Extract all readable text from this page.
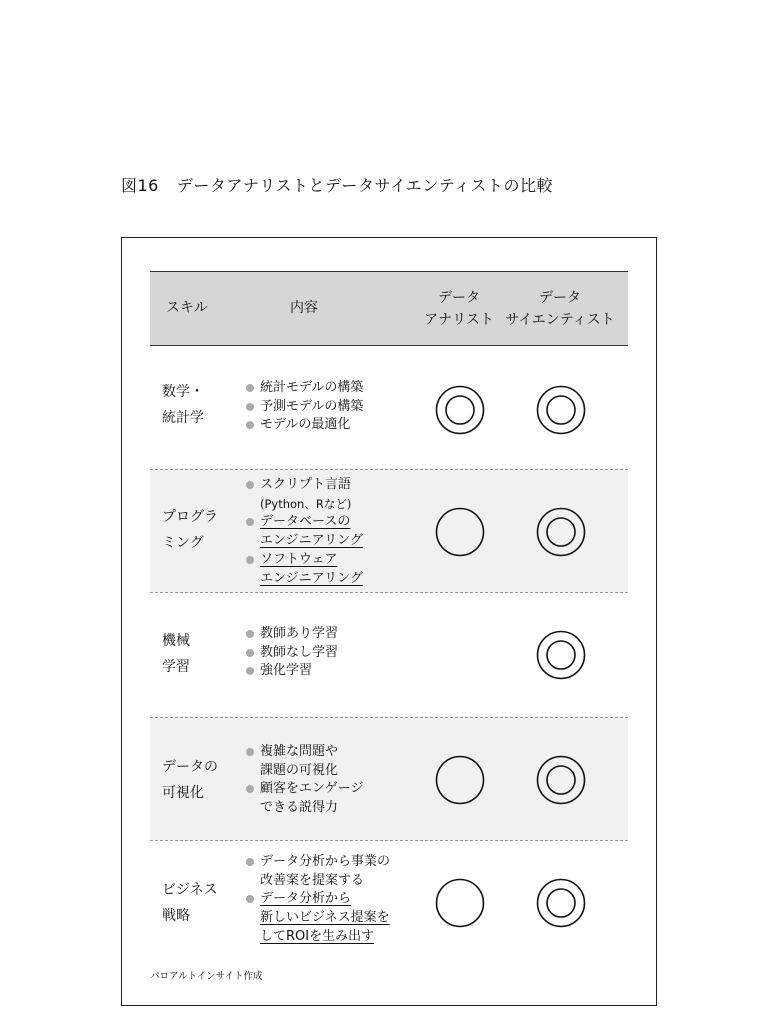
図16 データアナリストとデータサイエンティストの比較
スキル	内容
データ
アナリスト
データ
サイエンティスト
数学・
統計学
統計モデルの構築
予測モデルの構築
モデルの最適化
プログラ
ミング
スクリプト言語
(Python、Rなど)
データベースの
エンジニアリング
ソフトウェア
エンジニアリング
機械
学習
教師あり学習
教師なし学習
強化学習
データの
可視化
複雑な問題や
課題の可視化
顧客をエンゲージ
できる説得力
ビジネス
戦略
データ分析から事業の
改善案を提案する
データ分析から
新しいビジネス提案を
してROIを生み出す
パロアルトインサイト作成
